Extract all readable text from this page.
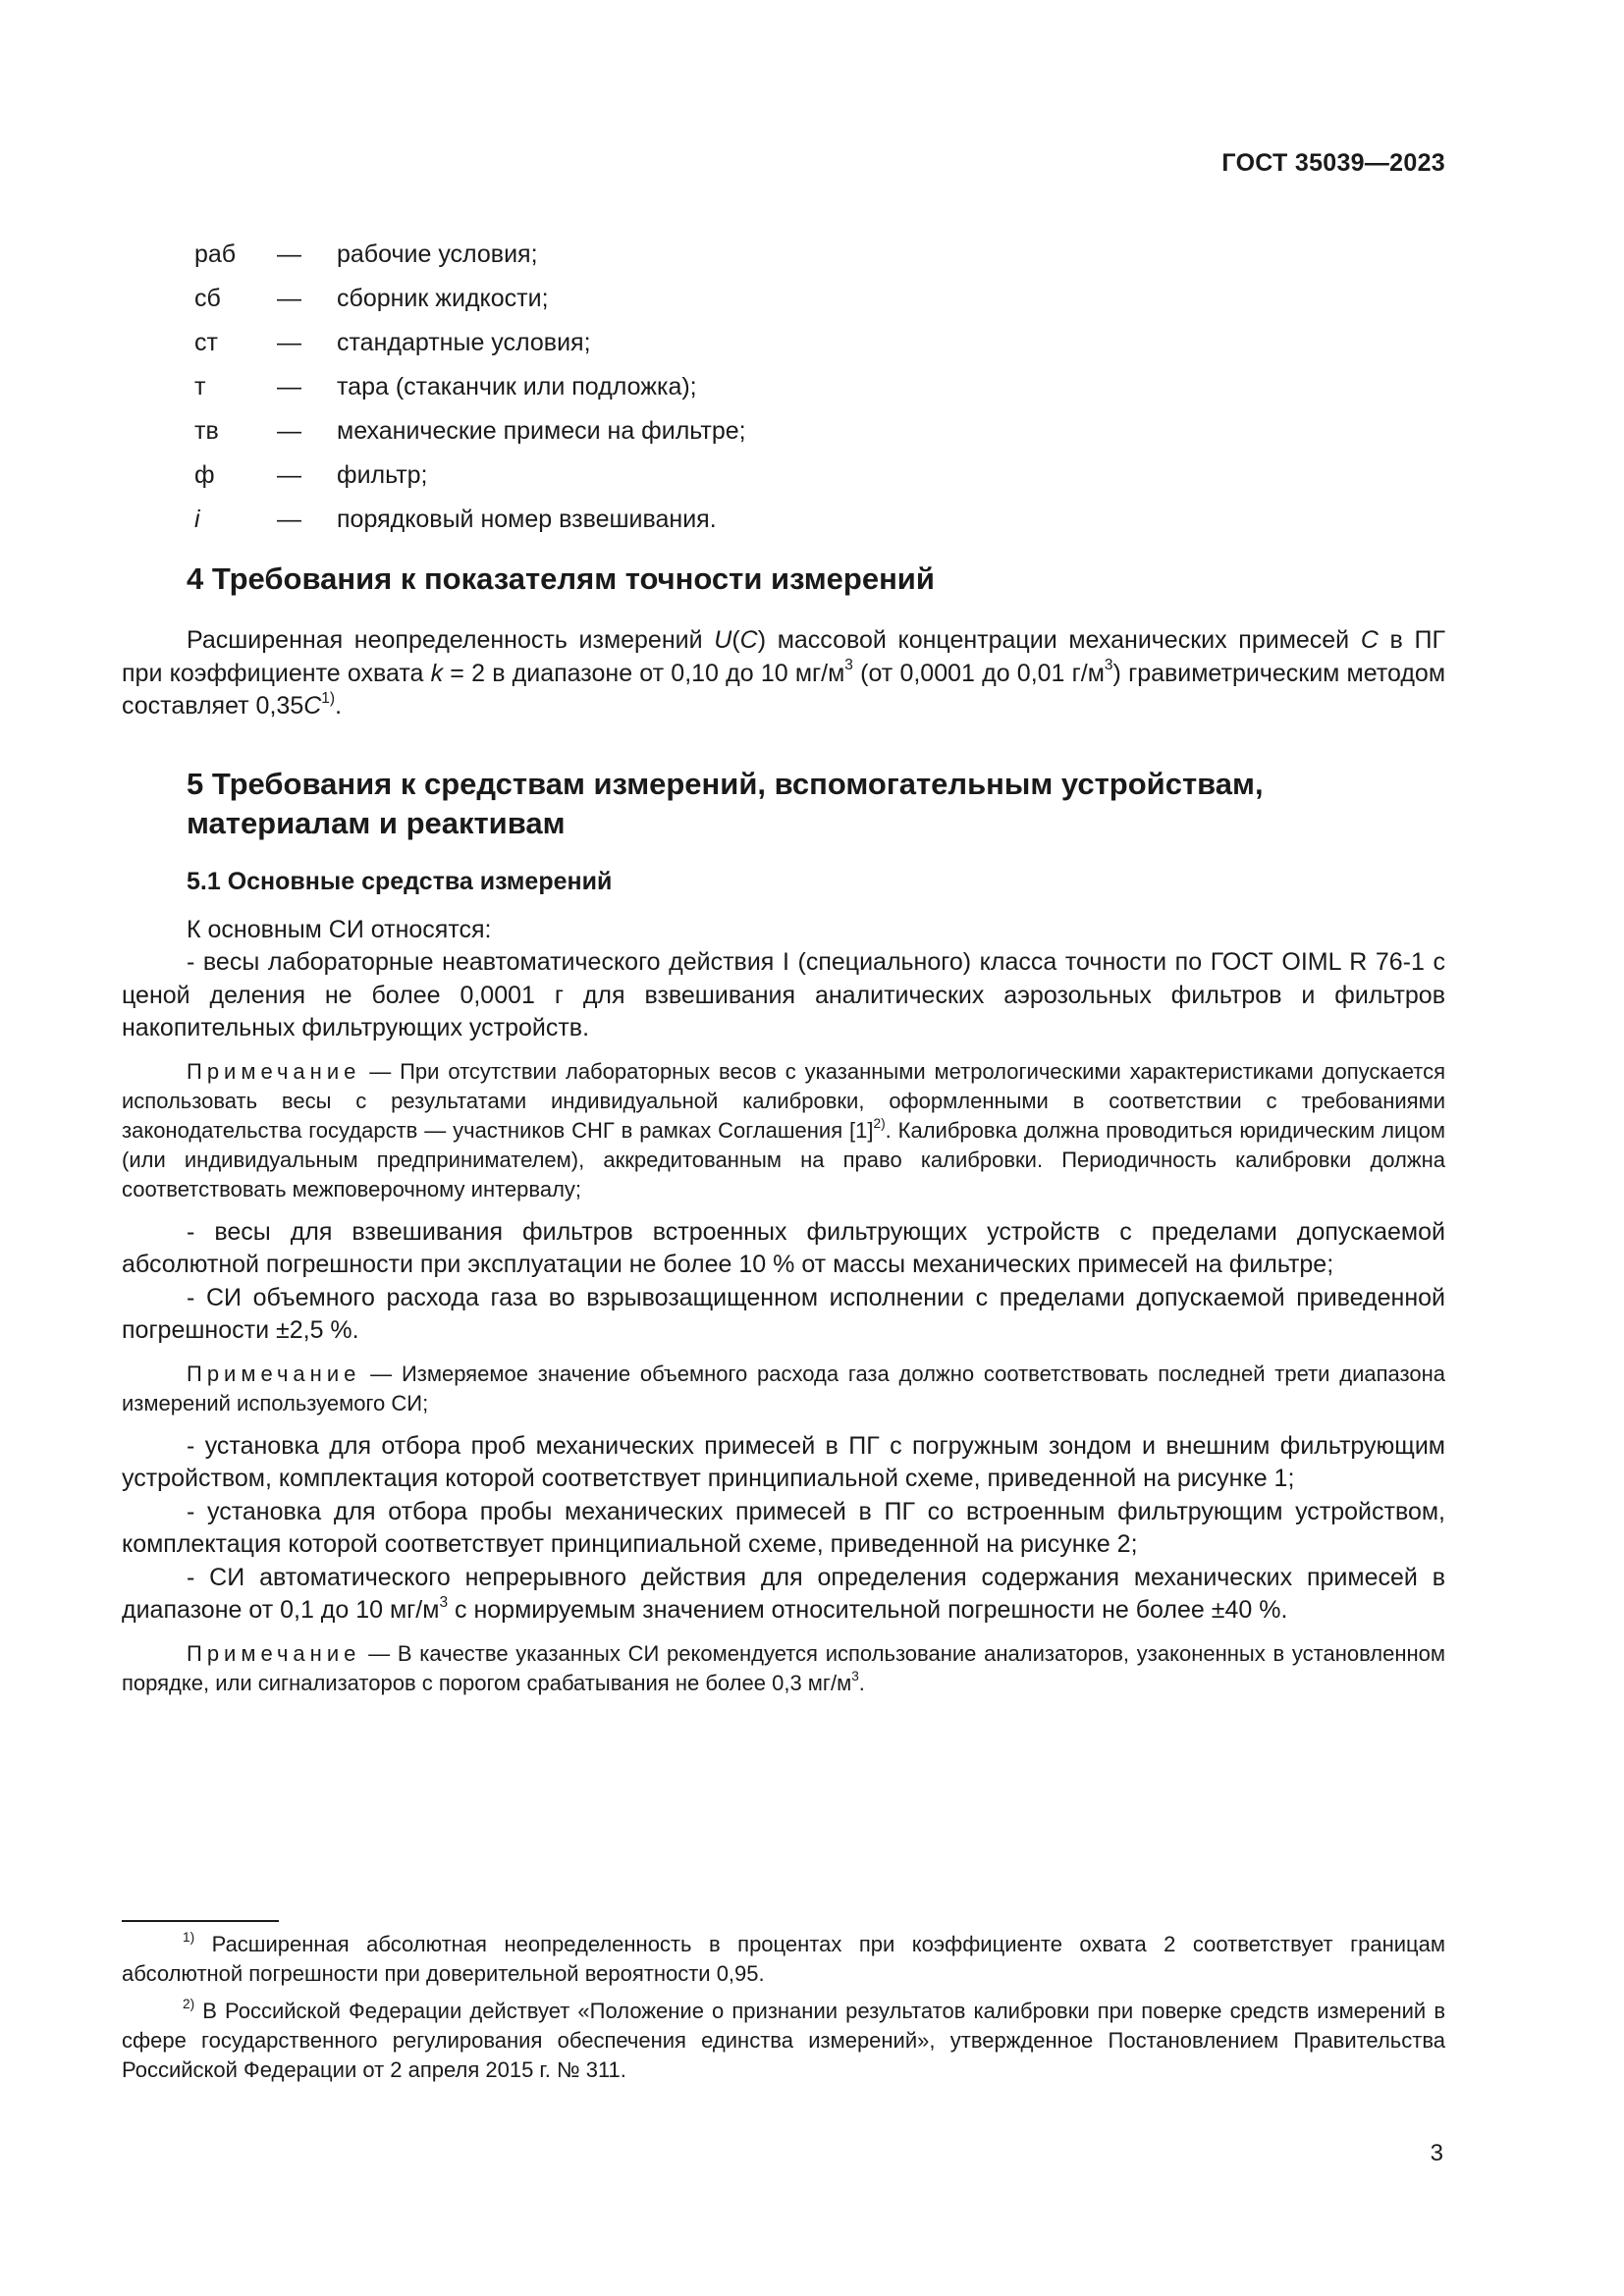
ГОСТ 35039—2023
раб	— рабочие условия;
сб	— сборник жидкости;
ст	— стандартные условия;
т	— тара (стаканчик или подложка);
тв	— механические примеси на фильтре;
ф	— фильтр;
i	— порядковый номер взвешивания.
4 Требования к показателям точности измерений

Расширенная неопределенность измерений U(C) массовой концентрации механических примесей C в ПГ при коэффициенте охвата k = 2 в диапазоне от 0,10 до 10 $мг/м^3$ (от 0,0001 до 0,01 $г/м^3$) гравиметрическим методом составляет $0,35C^{1)}$.

5 Требования к средствам измерений, вспомогательным устройствам, материалам и реактивам
5.1 Основные средства измерений

К основным СИ относятся:

- весы лабораторные неавтоматического действия I (специального) класса точности по ГОСТ OIML R 76-1 с ценой деления не более 0,0001 г для взвешивания аналитических аэрозольных фильтров и фильтров накопительных фильтрующих устройств.

Примечание — При отсутствии лабораторных весов с указанными метрологическими характеристиками допускается использовать весы с результатами индивидуальной калибровки, оформленными в соответствии с требованиями законодательства государств — участников СНГ в рамках Соглашения $[1]^{2)}$. Калибровка должна проводиться юридическим лицом (или индивидуальным предпринимателем), аккредитованным на право калибровки. Периодичность калибровки должна соответствовать межповерочному интервалу;

- весы для взвешивания фильтров встроенных фильтрующих устройств с пределами допускаемой абсолютной погрешности при эксплуатации не более 10 % от массы механических примесей на фильтре;

- СИ объемного расхода газа во взрывозащищенном исполнении с пределами допускаемой приведенной погрешности ±2,5 %.

Примечание — Измеряемое значение объемного расхода газа должно соответствовать последней трети диапазона измерений используемого СИ;

- установка для отбора проб механических примесей в ПГ с погружным зондом и внешним фильтрующим устройством, комплектация которой соответствует принципиальной схеме, приведенной на рисунке 1;

- установка для отбора пробы механических примесей в ПГ со встроенным фильтрующим устройством, комплектация которой соответствует принципиальной схеме, приведенной на рисунке 2;

- СИ автоматического непрерывного действия для определения содержания механических примесей в диапазоне от 0,1 до 10 $мг/м^3$ с нормируемым значением относительной погрешности не более ±40 %.

Примечание — В качестве указанных СИ рекомендуется использование анализаторов, узаконенных в установленном порядке, или сигнализаторов с порогом срабатывания не более 0,3 $мг/м^3$.

$^{1)}$ Расширенная абсолютная неопределенность в процентах при коэффициенте охвата 2 соответствует границам абсолютной погрешности при доверительной вероятности 0,95.

$^{2)}$ В Российской Федерации действует «Положение о признании результатов калибровки при поверке средств измерений в сфере государственного регулирования обеспечения единства измерений», утвержденное Постановлением Правительства Российской Федерации от 2 апреля 2015 г. № 311.

3
